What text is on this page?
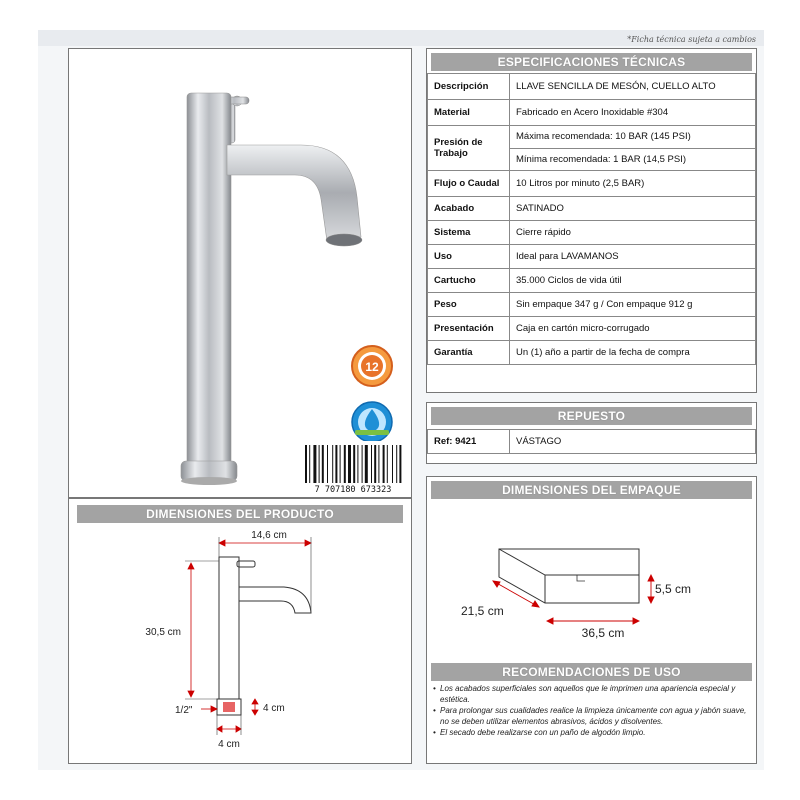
*Ficha técnica sujeta a cambios
12
7 707180 673323
DIMENSIONES DEL PRODUCTO
14,6 cm
30,5 cm
4 cm
4 cm
1/2"
ESPECIFICACIONES TÉCNICAS
Descripción	LLAVE SENCILLA DE MESÓN, CUELLO ALTO
Material	Fabricado en Acero Inoxidable #304
Presión de Trabajo	Máxima recomendada: 10 BAR (145 PSI)
Mínima recomendada: 1 BAR (14,5 PSI)

Flujo o Caudal	10 Litros por minuto (2,5 BAR)
Acabado	SATINADO
Sistema	Cierre rápido
Uso	Ideal para LAVAMANOS
Cartucho	35.000 Ciclos de vida útil
Peso	Sin empaque 347 g / Con empaque 912 g
Presentación	Caja en cartón micro-corrugado
Garantía	Un (1) año a partir de la fecha de compra
REPUESTO
Ref: 9421	VÁSTAGO
DIMENSIONES DEL EMPAQUE
21,5 cm
36,5 cm
5,5 cm
RECOMENDACIONES DE USO
• Los acabados superficiales son aquellos que le imprimen una apariencia especial y estética.
• Para prolongar sus cualidades realice la limpieza únicamente con agua y jabón suave, no se deben utilizar elementos abrasivos, ácidos y disolventes.
• El secado debe realizarse con un paño de algodón limpio.
